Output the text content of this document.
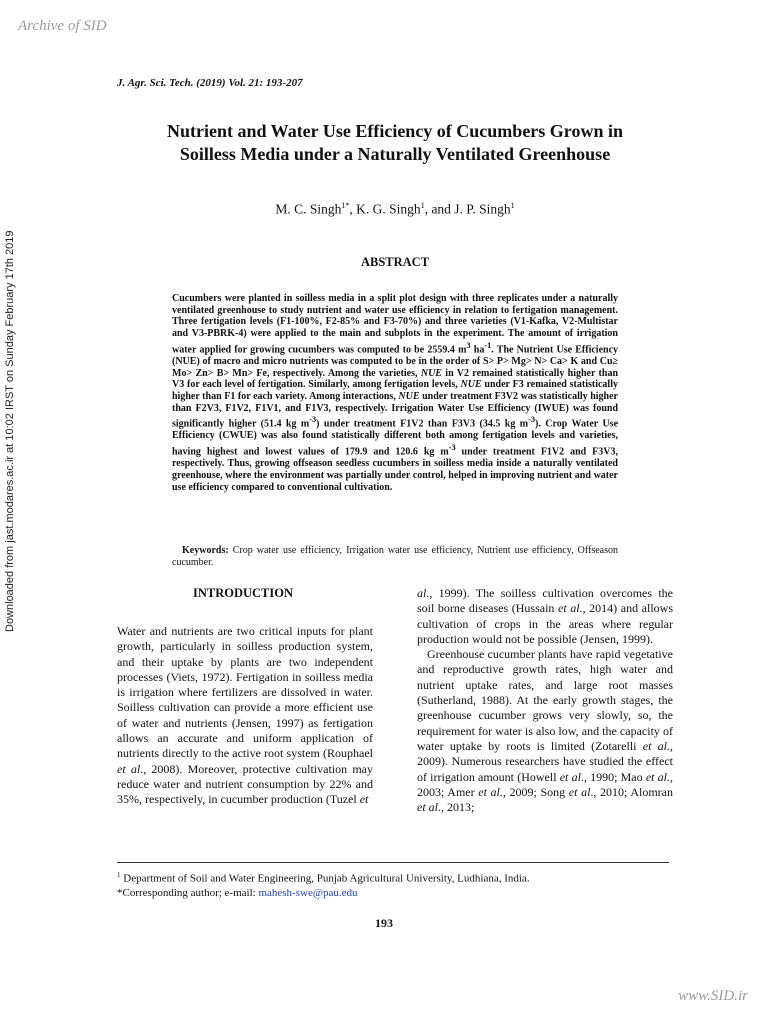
Archive of SID
Downloaded from jast.modares.ac.ir at 10:02 IRST on Sunday February 17th 2019
J. Agr. Sci. Tech. (2019) Vol. 21: 193-207
Nutrient and Water Use Efficiency of Cucumbers Grown in
Soilless Media under a Naturally Ventilated Greenhouse
M. C. Singh$^{1*}$, K. G. Singh$^1$, and J. P. Singh$^1$
ABSTRACT
Cucumbers were planted in soilless media in a split plot design with three replicates under a naturally ventilated greenhouse to study nutrient and water use efficiency in relation to fertigation management. Three fertigation levels (F1-100%, F2-85% and F3-70%) and three varieties (V1-Kafka, V2-Multistar and V3-PBRK-4) were applied to the main and subplots in the experiment. The amount of irrigation water applied for growing cucumbers was computed to be 2559.4 $m^3$ $ha^{-1}$. The Nutrient Use Efficiency (NUE) of macro and micro nutrients was computed to be in the order of S> P> Mg> N> Ca> K and Cu≥ Mo> Zn> B> Mn> Fe, respectively. Among the varieties, NUE in V2 remained statistically higher than V3 for each level of fertigation. Similarly, among fertigation levels, NUE under F3 remained statistically higher than F1 for each variety. Among interactions, NUE under treatment F3V2 was statistically higher than F2V3, F1V2, F1V1, and F1V3, respectively. Irrigation Water Use Efficiency (IWUE) was found significantly higher (51.4 kg $m^{-3}$) under treatment F1V2 than F3V3 (34.5 kg $m^{-3}$). Crop Water Use Efficiency (CWUE) was also found statistically different both among fertigation levels and varieties, having highest and lowest values of 179.9 and 120.6 kg $m^{-3}$ under treatment F1V2 and F3V3, respectively. Thus, growing offseason seedless cucumbers in soilless media inside a naturally ventilated greenhouse, where the environment was partially under control, helped in improving nutrient and water use efficiency compared to conventional cultivation.
Keywords: Crop water use efficiency, Irrigation water use efficiency, Nutrient use efficiency, Offseason cucumber.
INTRODUCTION

Water and nutrients are two critical inputs for plant growth, particularly in soilless production system, and their uptake by plants are two independent processes (Viets, 1972). Fertigation in soilless media is irrigation where fertilizers are dissolved in water. Soilless cultivation can provide a more efficient use of water and nutrients (Jensen, 1997) as fertigation allows an accurate and uniform application of nutrients directly to the active root system (Rouphael et al., 2008). Moreover, protective cultivation may reduce water and nutrient consumption by 22% and 35%, respectively, in cucumber production (Tuzel et

al., 1999). The soilless cultivation overcomes the soil borne diseases (Hussain et al., 2014) and allows cultivation of crops in the areas where regular production would not be possible (Jensen, 1999).

Greenhouse cucumber plants have rapid vegetative and reproductive growth rates, high water and nutrient uptake rates, and large root masses (Sutherland, 1988). At the early growth stages, the greenhouse cucumber grows very slowly, so, the requirement for water is also low, and the capacity of water uptake by roots is limited (Zotarelli et al., 2009). Numerous researchers have studied the effect of irrigation amount (Howell et al., 1990; Mao et al., 2003; Amer et al., 2009; Song et al., 2010; Alomran et al., 2013;

$^1$ Department of Soil and Water Engineering, Punjab Agricultural University, Ludhiana, India.
*Corresponding author; e-mail: mahesh-swe@pau.edu
193
www.SID.ir
